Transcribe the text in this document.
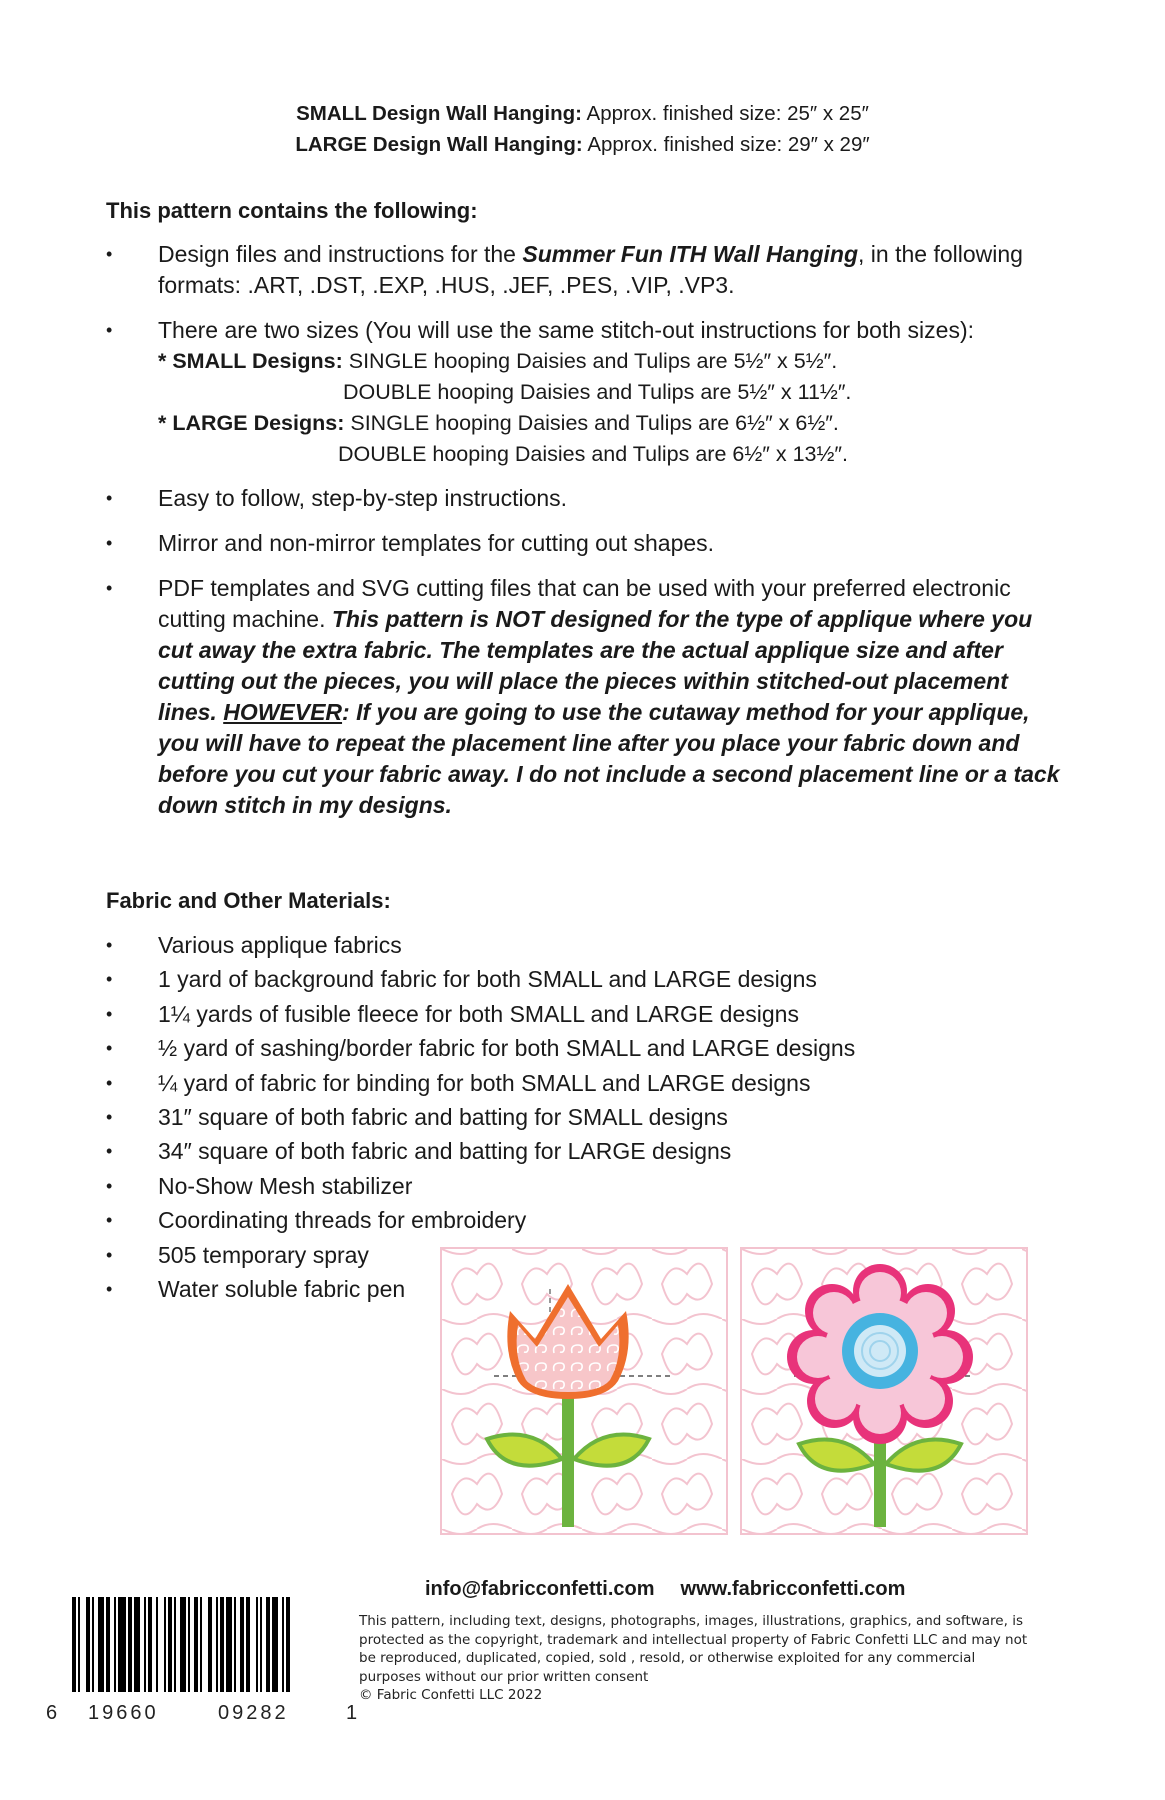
SMALL Design Wall Hanging: Approx. finished size: 25″ x 25″
LARGE Design Wall Hanging: Approx. finished size: 29″ x 29″
This pattern contains the following:
• Design files and instructions for the Summer Fun ITH Wall Hanging, in the following formats: .ART, .DST, .EXP, .HUS, .JEF, .PES, .VIP, .VP3.
• There are two sizes (You will use the same stitch-out instructions for both sizes):
* SMALL Designs: SINGLE hooping Daisies and Tulips are 5½″ x 5½″.
DOUBLE hooping Daisies and Tulips are 5½″ x 11½″.
* LARGE Designs: SINGLE hooping Daisies and Tulips are 6½″ x 6½″.
DOUBLE hooping Daisies and Tulips are 6½″ x 13½″.
• Easy to follow, step-by-step instructions.
• Mirror and non-mirror templates for cutting out shapes.
• PDF templates and SVG cutting files that can be used with your preferred electronic cutting machine. This pattern is NOT designed for the type of applique where you cut away the extra fabric. The templates are the actual applique size and after cutting out the pieces, you will place the pieces within stitched-out placement lines. HOWEVER: If you are going to use the cutaway method for your applique, you will have to repeat the placement line after you place your fabric down and before you cut your fabric away. I do not include a second placement line or a tack down stitch in my designs.
Fabric and Other Materials:
• Various applique fabrics
• 1 yard of background fabric for both SMALL and LARGE designs
• 1¼ yards of fusible fleece for both SMALL and LARGE designs
• ½ yard of sashing/border fabric for both SMALL and LARGE designs
• ¼ yard of fabric for binding for both SMALL and LARGE designs
• 31″ square of both fabric and batting for SMALL designs
• 34″ square of both fabric and batting for LARGE designs
• No-Show Mesh stabilizer
• Coordinating threads for embroidery
• 505 temporary spray
• Water soluble fabric pen
6 19660	09282	1
info@fabricconfetti.com www.fabricconfetti.com
This pattern, including text, designs, photographs, images, illustrations, graphics, and software, is protected as the copyright, trademark and intellectual property of Fabric Confetti LLC and may not be reproduced, duplicated, copied, sold , resold, or otherwise exploited for any commercial purposes without our prior written consent
© Fabric Confetti LLC 2022
